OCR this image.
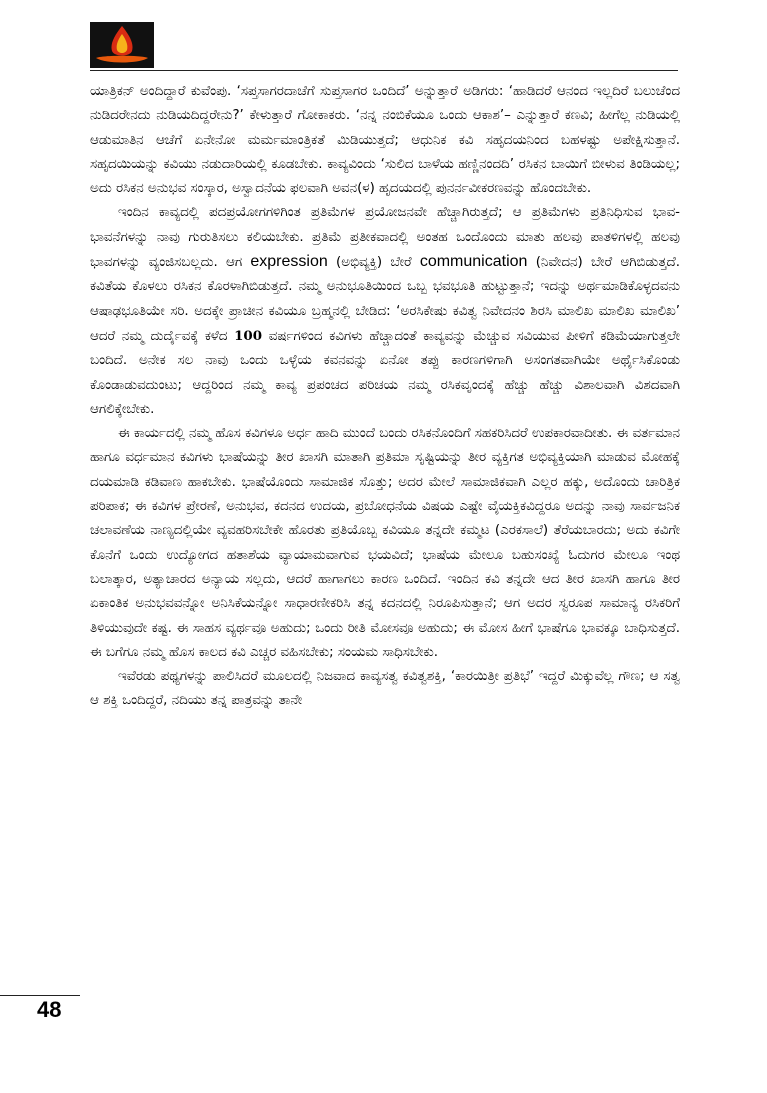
ಯಾತ್ರಿಕನ್ ಅಂದಿದ್ದಾರೆ ಕುವೆಂಪು. ‘ಸಪ್ತಸಾಗರದಾಚೆಗೆ ಸುಪ್ತಸಾಗರ ಒಂದಿದೆ’ ಅನ್ನುತ್ತಾರೆ ಅಡಿಗರು: ‘ಹಾಡಿದರೆ ಆನಂದ ಇಲ್ಲದಿರೆ ಬಲುಚೆಂದ ನುಡಿದರೇನದು ನುಡಿಯದಿದ್ದರೇನು?’ ಕೇಳುತ್ತಾರೆ ಗೋಕಾಕರು. ‘ನನ್ನ ನಂಬಿಕೆಯೂ ಒಂದು ಆಕಾಶ’– ಎನ್ನುತ್ತಾರೆ ಕಣವಿ; ಹೀಗೆಲ್ಲ ನುಡಿಯಲ್ಲಿ ಆಡುಮಾತಿನ ಆಚೆಗೆ ಏನೇನೋ ಮರ್ಮಮಾಂತ್ರಿಕತೆ ಮಿಡಿಯುತ್ತದೆ; ಆಧುನಿಕ ಕವಿ ಸಹೃದಯನಿಂದ ಬಹಳಷ್ಟು ಅಪೇಕ್ಷಿಸುತ್ತಾನೆ. ಸಹೃದಯಿಯನ್ನು ಕವಿಯು ನಡುದಾರಿಯಲ್ಲಿ ಕೂಡಬೇಕು. ಕಾವ್ಯವಿಂದು ‘ಸುಲಿದ ಬಾಳೆಯ ಹಣ್ಣಿನಂದದಿ’ ರಸಿಕನ ಬಾಯಿಗೆ ಬೀಳುವ ತಿಂಡಿಯಲ್ಲ; ಅದು ರಸಿಕನ ಅನುಭವ ಸಂಸ್ಕಾರ, ಅಸ್ವಾದನೆಯ ಫಲವಾಗಿ ಅವನ(ಳ) ಹೃದಯದಲ್ಲಿ ಪುನರ್ನವೀಕರಣವನ್ನು ಹೊಂದಬೇಕು.

ಇಂದಿನ ಕಾವ್ಯದಲ್ಲಿ ಪದಪ್ರಯೋಗಗಳಿಗಿಂತ ಪ್ರತಿಮೆಗಳ ಪ್ರಯೋಜನವೇ ಹೆಚ್ಚಾಗಿರುತ್ತದೆ; ಆ ಪ್ರತಿಮೆಗಳು ಪ್ರತಿನಿಧಿಸುವ ಭಾವ-ಭಾವನೆಗಳನ್ನು ನಾವು ಗುರುತಿಸಲು ಕಲಿಯಬೇಕು. ಪ್ರತಿಮೆ ಪ್ರತೀಕವಾದಲ್ಲಿ ಅಂತಹ ಒಂದೊಂದು ಮಾತು ಹಲವು ಪಾತಳಿಗಳಲ್ಲಿ ಹಲವು ಭಾವಗಳನ್ನು ವ್ಯಂಜಿಸಬಲ್ಲದು. ಆಗ expression (ಅಭಿವ್ಯಕ್ತಿ) ಬೇರೆ communication (ನಿವೇದನ) ಬೇರೆ ಆಗಿಬಿಡುತ್ತದೆ. ಕವಿತೆಯ ಕೊಳಲು ರಸಿಕನ ಕೊರಳಾಗಿಬಿಡುತ್ತದೆ. ನಮ್ಮ ಅನುಭೂತಿಯಿಂದ ಒಬ್ಬ ಭವಭೂತಿ ಹುಟ್ಟುತ್ತಾನೆ; ಇದನ್ನು ಅರ್ಥಮಾಡಿಕೊಳ್ಳದವನು ಆಷಾಢಭೂತಿಯೇ ಸರಿ. ಅದಕ್ಕೇ ಪ್ರಾಚೀನ ಕವಿಯೂ ಬ್ರಹ್ಮನಲ್ಲಿ ಬೇಡಿದ: ‘ಅರಸಿಕೇಷು ಕವಿತ್ವ ನಿವೇದನಂ ಶಿರಸಿ ಮಾಲಿಖ ಮಾಲಿಖ ಮಾಲಿಖ’ ಆದರೆ ನಮ್ಮ ದುರ್ದೈವಕ್ಕೆ ಕಳೆದ 100 ವರ್ಷಗಳಿಂದ ಕವಿಗಳು ಹೆಚ್ಚಾದಂತೆ ಕಾವ್ಯವನ್ನು ಮೆಚ್ಚುವ ಸವಿಯುವ ಪೀಳಿಗೆ ಕಡಿಮೆಯಾಗುತ್ತಲೇ ಬಂದಿದೆ. ಅನೇಕ ಸಲ ನಾವು ಒಂದು ಒಳ್ಳೆಯ ಕವನವನ್ನು ಏನೋ ತಪ್ಪು ಕಾರಣಗಳಿಗಾಗಿ ಅಸಂಗತವಾಗಿಯೇ ಅರ್ಥೈಸಿಕೊಂಡು ಕೊಂಡಾಡುವದುಂಟು; ಆದ್ದರಿಂದ ನಮ್ಮ ಕಾವ್ಯ ಪ್ರಪಂಚದ ಪರಿಚಯ ನಮ್ಮ ರಸಿಕವೃಂದಕ್ಕೆ ಹೆಚ್ಚು ಹೆಚ್ಚು ವಿಶಾಲವಾಗಿ ವಿಶದವಾಗಿ ಆಗಲಿಕ್ಕೇಬೇಕು.

ಈ ಕಾರ್ಯದಲ್ಲಿ ನಮ್ಮ ಹೊಸ ಕವಿಗಳೂ ಅರ್ಧ ಹಾದಿ ಮುಂದೆ ಬಂದು ರಸಿಕನೊಂದಿಗೆ ಸಹಕರಿಸಿದರೆ ಉಪಕಾರವಾದೀತು. ಈ ವರ್ತಮಾನ ಹಾಗೂ ವರ್ಧಮಾನ ಕವಿಗಳು ಭಾಷೆಯನ್ನು ತೀರ ಖಾಸಗಿ ಮಾತಾಗಿ ಪ್ರತಿಮಾ ಸೃಷ್ಟಿಯನ್ನು ತೀರ ವ್ಯಕ್ತಿಗತ ಅಭಿವ್ಯಕ್ತಿಯಾಗಿ ಮಾಡುವ ಮೋಹಕ್ಕೆ ದಯಮಾಡಿ ಕಡಿವಾಣ ಹಾಕಬೇಕು. ಭಾಷೆಯೊಂದು ಸಾಮಾಜಿಕ ಸೊತ್ತು; ಅದರ ಮೇಲೆ ಸಾಮಾಜಿಕವಾಗಿ ಎಲ್ಲರ ಹಕ್ಕು, ಅದೊಂದು ಚಾರಿತ್ರಿಕ ಪರಿಪಾಕ; ಈ ಕವಿಗಳ ಪ್ರೇರಣೆ, ಅನುಭವ, ಕದನದ ಉದಯ, ಪ್ರಬೋಧನೆಯ ವಿಷಯ ಎಷ್ಟೇ ವೈಯಕ್ತಿಕವಿದ್ದರೂ ಅದನ್ನು ನಾವು ಸಾರ್ವಜನಿಕ ಚಲಾವಣೆಯ ನಾಣ್ಯದಲ್ಲಿಯೇ ವ್ಯವಹರಿಸಬೇಕೇ ಹೊರತು ಪ್ರತಿಯೊಬ್ಬ ಕವಿಯೂ ತನ್ನದೇ ಕಮ್ಮಟ (ಎರಕಸಾಲೆ) ತೆರೆಯಬಾರದು; ಅದು ಕವಿಗೇ ಕೊನೆಗೆ ಒಂದು ಉದ್ಯೋಗದ ಹತಾಶೆಯ ವ್ಯಾಯಾಮವಾಗುವ ಭಯವಿದೆ; ಭಾಷೆಯ ಮೇಲೂ ಬಹುಸಂಖ್ಯೆ ಓದುಗರ ಮೇಲೂ ಇಂಥ ಬಲಾತ್ಕಾರ, ಅತ್ಯಾಚಾರದ ಅನ್ಯಾಯ ಸಲ್ಲದು, ಆದರೆ ಹಾಗಾಗಲು ಕಾರಣ ಒಂದಿದೆ. ಇಂದಿನ ಕವಿ ತನ್ನದೇ ಆದ ತೀರ ಖಾಸಗಿ ಹಾಗೂ ತೀರ ಏಕಾಂತಿಕ ಅನುಭವವನ್ನೋ ಅನಿಸಿಕೆಯನ್ನೋ ಸಾಧಾರಣೀಕರಿಸಿ ತನ್ನ ಕದನದಲ್ಲಿ ನಿರೂಪಿಸುತ್ತಾನೆ; ಆಗ ಅದರ ಸ್ವರೂಪ ಸಾಮಾನ್ಯ ರಸಿಕರಿಗೆ ತಿಳಿಯುವುದೇ ಕಷ್ಟ. ಈ ಸಾಹಸ ವ್ಯರ್ಥವೂ ಅಹುದು; ಒಂದು ರೀತಿ ಮೋಸವೂ ಅಹುದು; ಈ ಮೋಸ ಹೀಗೆ ಭಾಷೆಗೂ ಭಾವಕ್ಕೂ ಬಾಧಿಸುತ್ತದೆ. ಈ ಬಗೆಗೂ ನಮ್ಮ ಹೊಸ ಕಾಲದ ಕವಿ ಎಚ್ಚರ ವಹಿಸಬೇಕು; ಸಂಯಮ ಸಾಧಿಸಬೇಕು.

ಇವೆರಡು ಪಥ್ಯಗಳನ್ನು ಪಾಲಿಸಿದರೆ ಮೂಲದಲ್ಲಿ ನಿಜವಾದ ಕಾವ್ಯಸತ್ವ ಕವಿತ್ವಶಕ್ತಿ, ‘ಕಾರಯಿತ್ರೀ ಪ್ರತಿಭೆ’ ಇದ್ದರೆ ಮಿಕ್ಕುವೆಲ್ಲ ಗೌಣ; ಆ ಸತ್ವ ಆ ಶಕ್ತಿ ಒಂದಿದ್ದರೆ, ನದಿಯು ತನ್ನ ಪಾತ್ರವನ್ನು ತಾನೇ

48
